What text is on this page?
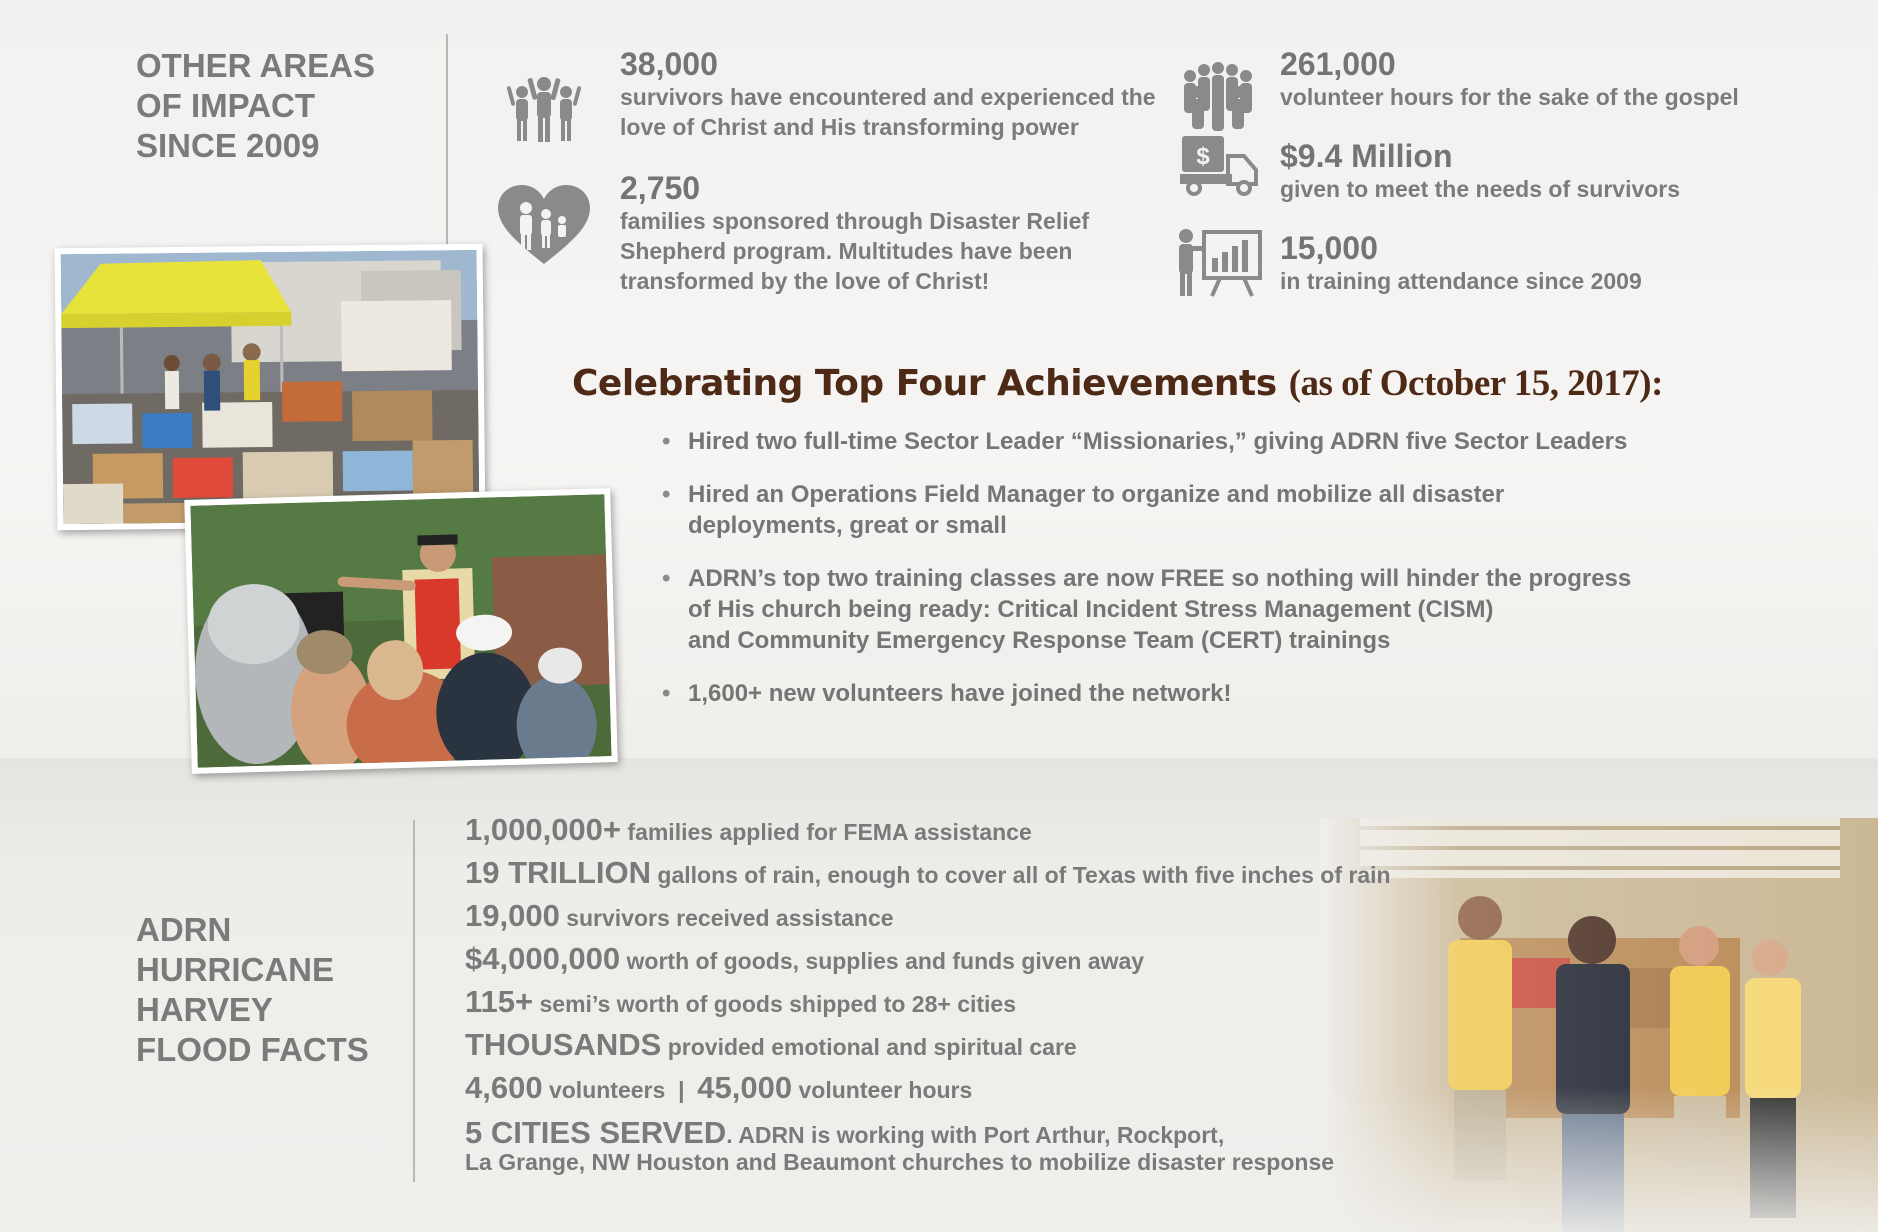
OTHER AREAS
OF IMPACT
SINCE 2009	$
38,000
survivors have encountered and experienced the
love of Christ and His transforming power
2,750
families sponsored through Disaster Relief
Shepherd program. Multitudes have been
transformed by the love of Christ!
261,000
volunteer hours for the sake of the gospel
$9.4 Million
given to meet the needs of survivors
15,000
in training attendance since 2009
Celebrating Top Four Achievements (as of October 15, 2017):
• Hired two full-time Sector Leader “Missionaries,” giving ADRN five Sector Leaders
• Hired an Operations Field Manager to organize and mobilize all disaster
deployments, great or small
• ADRN’s top two training classes are now FREE so nothing will hinder the progress
of His church being ready: Critical Incident Stress Management (CISM)
and Community Emergency Response Team (CERT) trainings
• 1,600+ new volunteers have joined the network!
ADRN
HURRICANE
HARVEY
FLOOD FACTS
1,000,000+ families applied for FEMA assistance
19 TRILLION gallons of rain, enough to cover all of Texas with five inches of rain
19,000 survivors received assistance
$4,000,000 worth of goods, supplies and funds given away
115+ semi’s worth of goods shipped to 28+ cities
THOUSANDS provided emotional and spiritual care
4,600 volunteers  |  45,000 volunteer hours
5 CITIES SERVED. ADRN is working with Port Arthur, Rockport,
La Grange, NW Houston and Beaumont churches to mobilize disaster response
